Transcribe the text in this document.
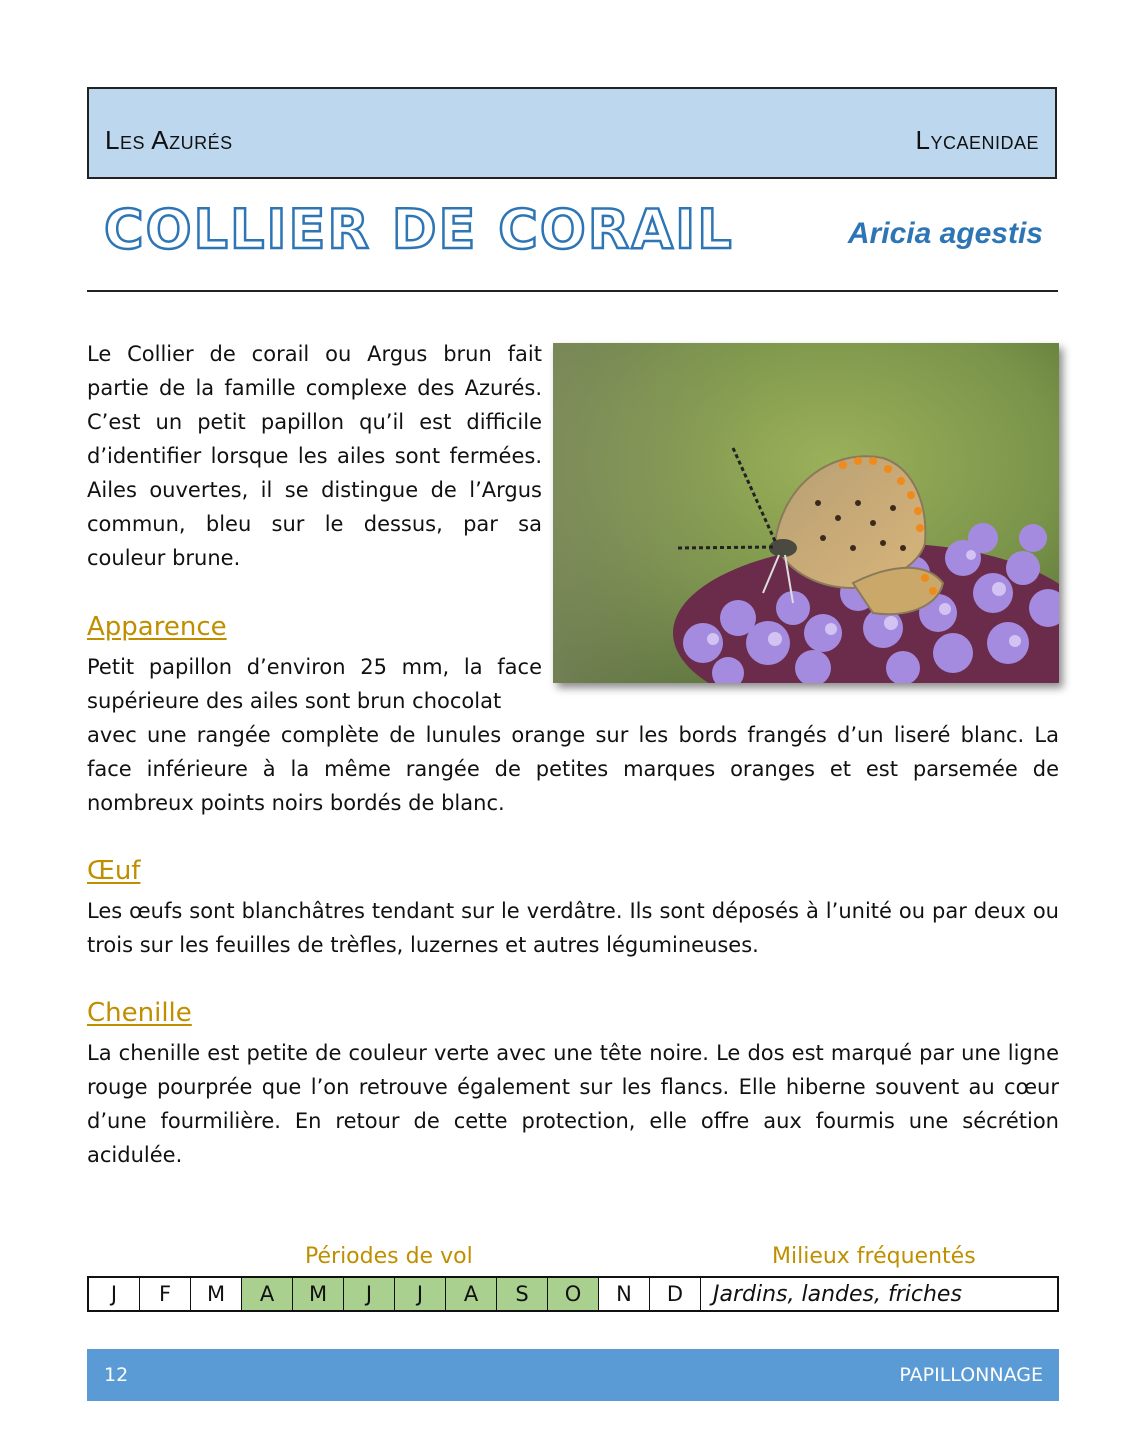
Les Azurés	Lycaenidae
COLLIER DE CORAIL	Aricia agestis

Le Collier de corail ou Argus brun fait partie de la famille complexe des Azurés. C’est un petit papillon qu’il est difficile d’identifier lorsque les ailes sont fermées. Ailes ouvertes, il se distingue de l’Argus commun, bleu sur le dessus, par sa couleur brune.

Apparence

Petit papillon d’environ 25 mm, la face supérieure des ailes sont brun chocolat

avec une rangée complète de lunules orange sur les bords frangés d’un liseré blanc. La face inférieure à la même rangée de petites marques oranges et est parsemée de nombreux points noirs bordés de blanc.

Œuf

Les œufs sont blanchâtres tendant sur le verdâtre. Ils sont déposés à l’unité ou par deux ou trois sur les feuilles de trèfles, luzernes et autres légumineuses.

Chenille

La chenille est petite de couleur verte avec une tête noire. Le dos est marqué par une ligne rouge pourprée que l’on retrouve également sur les flancs. Elle hiberne souvent au cœur d’une fourmilière. En retour de cette protection, elle offre aux fourmis une sécrétion acidulée.

Périodes de vol	Milieux fréquentés
J	F	M	A	M	J	J	A	S	O	N	D	Jardins, landes, friches
12	PAPILLONNAGE
